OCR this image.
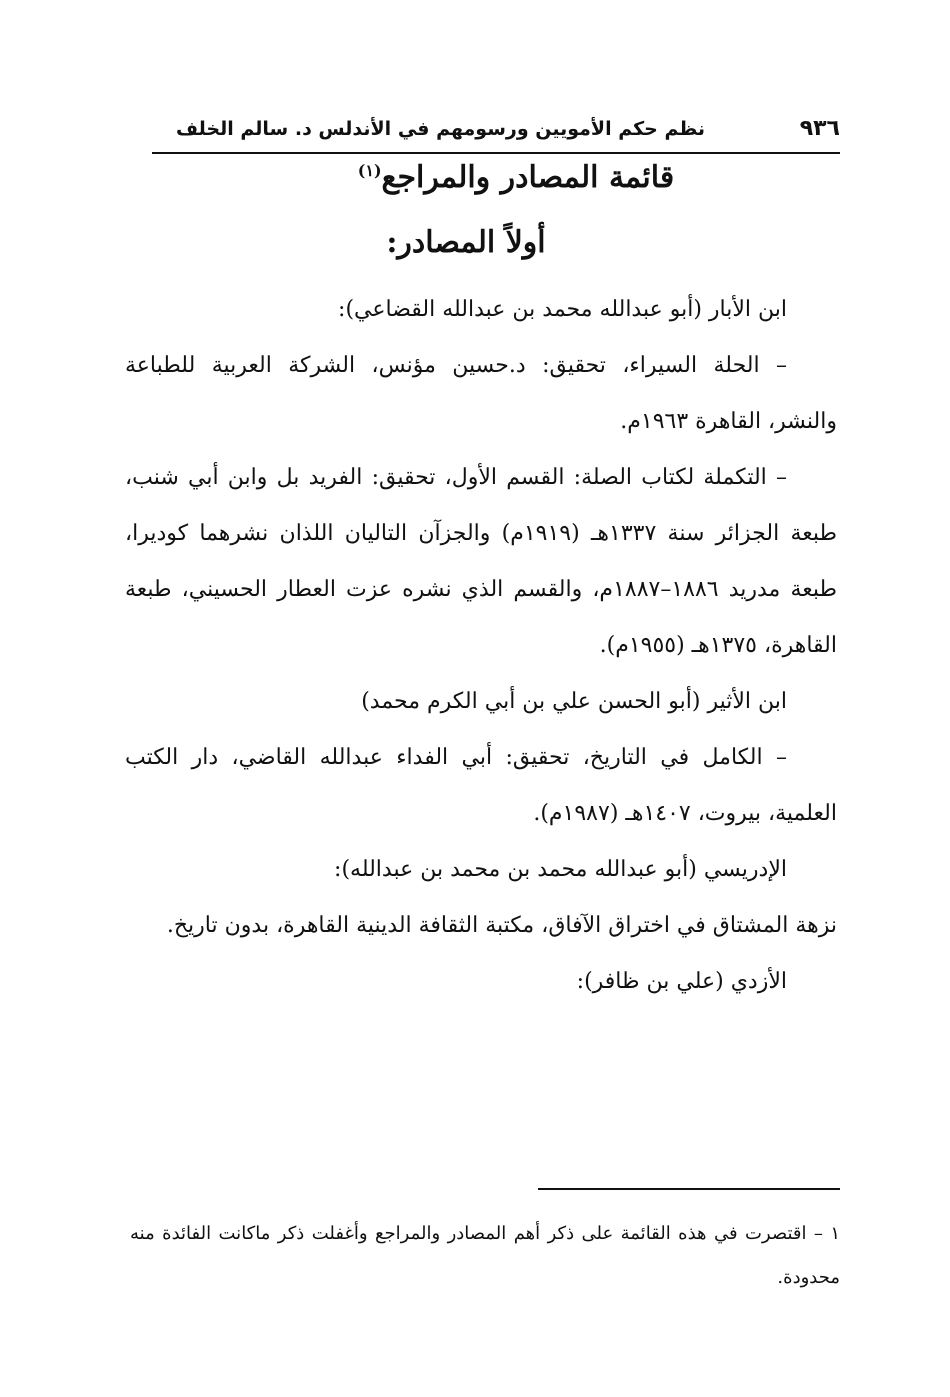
٩٣٦
نظم حكم الأمويين ورسومهم في الأندلس د. سالم الخلف
قائمة المصادر والمراجع$^{(١)}$
أولاً المصادر:

ابن الأبار (أبو عبدالله محمد بن عبدالله القضاعي):

– الحلة السيراء، تحقيق: د.حسين مؤنس، الشركة العربية للطباعة والنشر، القاهرة ١٩٦٣م.

– التكملة لكتاب الصلة: القسم الأول، تحقيق: الفريد بل وابن أبي شنب، طبعة الجزائر سنة ١٣٣٧هـ (١٩١٩م) والجزآن التاليان اللذان نشرهما كوديرا، طبعة مدريد ١٨٨٦–١٨٨٧م، والقسم الذي نشره عزت العطار الحسيني، طبعة القاهرة، ١٣٧٥هـ (١٩٥٥م).

ابن الأثير (أبو الحسن علي بن أبي الكرم محمد)

– الكامل في التاريخ، تحقيق: أبي الفداء عبدالله القاضي، دار الكتب العلمية، بيروت، ١٤٠٧هـ (١٩٨٧م).

الإدريسي (أبو عبدالله محمد بن محمد بن عبدالله):

نزهة المشتاق في اختراق الآفاق، مكتبة الثقافة الدينية القاهرة، بدون تاريخ.

الأزدي (علي بن ظافر):

١ – اقتصرت في هذه القائمة على ذكر أهم المصادر والمراجع وأغفلت ذكر ماكانت الفائدة منه محدودة.
